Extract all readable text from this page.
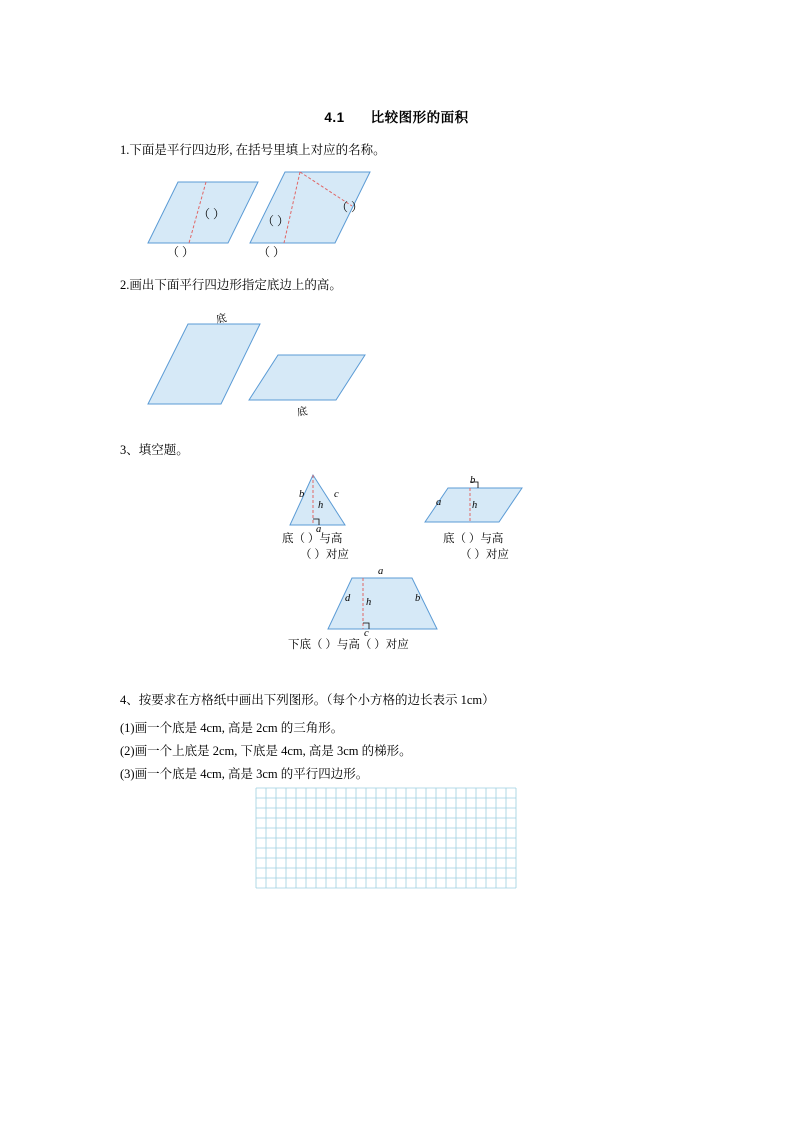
4.1 比较图形的面积
1.下面是平行四边形, 在括号里填上对应的名称。
（ ）
（ ）
（ ）
（ ）
（ ）
2.画出下面平行四边形指定底边上的高。
底
底
3、填空题。
b
h
c
a
a
b
h
a
d h	b
c
底（ ）与高
（ ）对应
底（ ）与高
（ ）对应
下底（ ）与高（ ）对应
4、按要求在方格纸中画出下列图形。（每个小方格的边长表示 1cm）
(1)画一个底是 4cm, 高是 2cm 的三角形。
(2)画一个上底是 2cm, 下底是 4cm, 高是 3cm 的梯形。
(3)画一个底是 4cm, 高是 3cm 的平行四边形。
